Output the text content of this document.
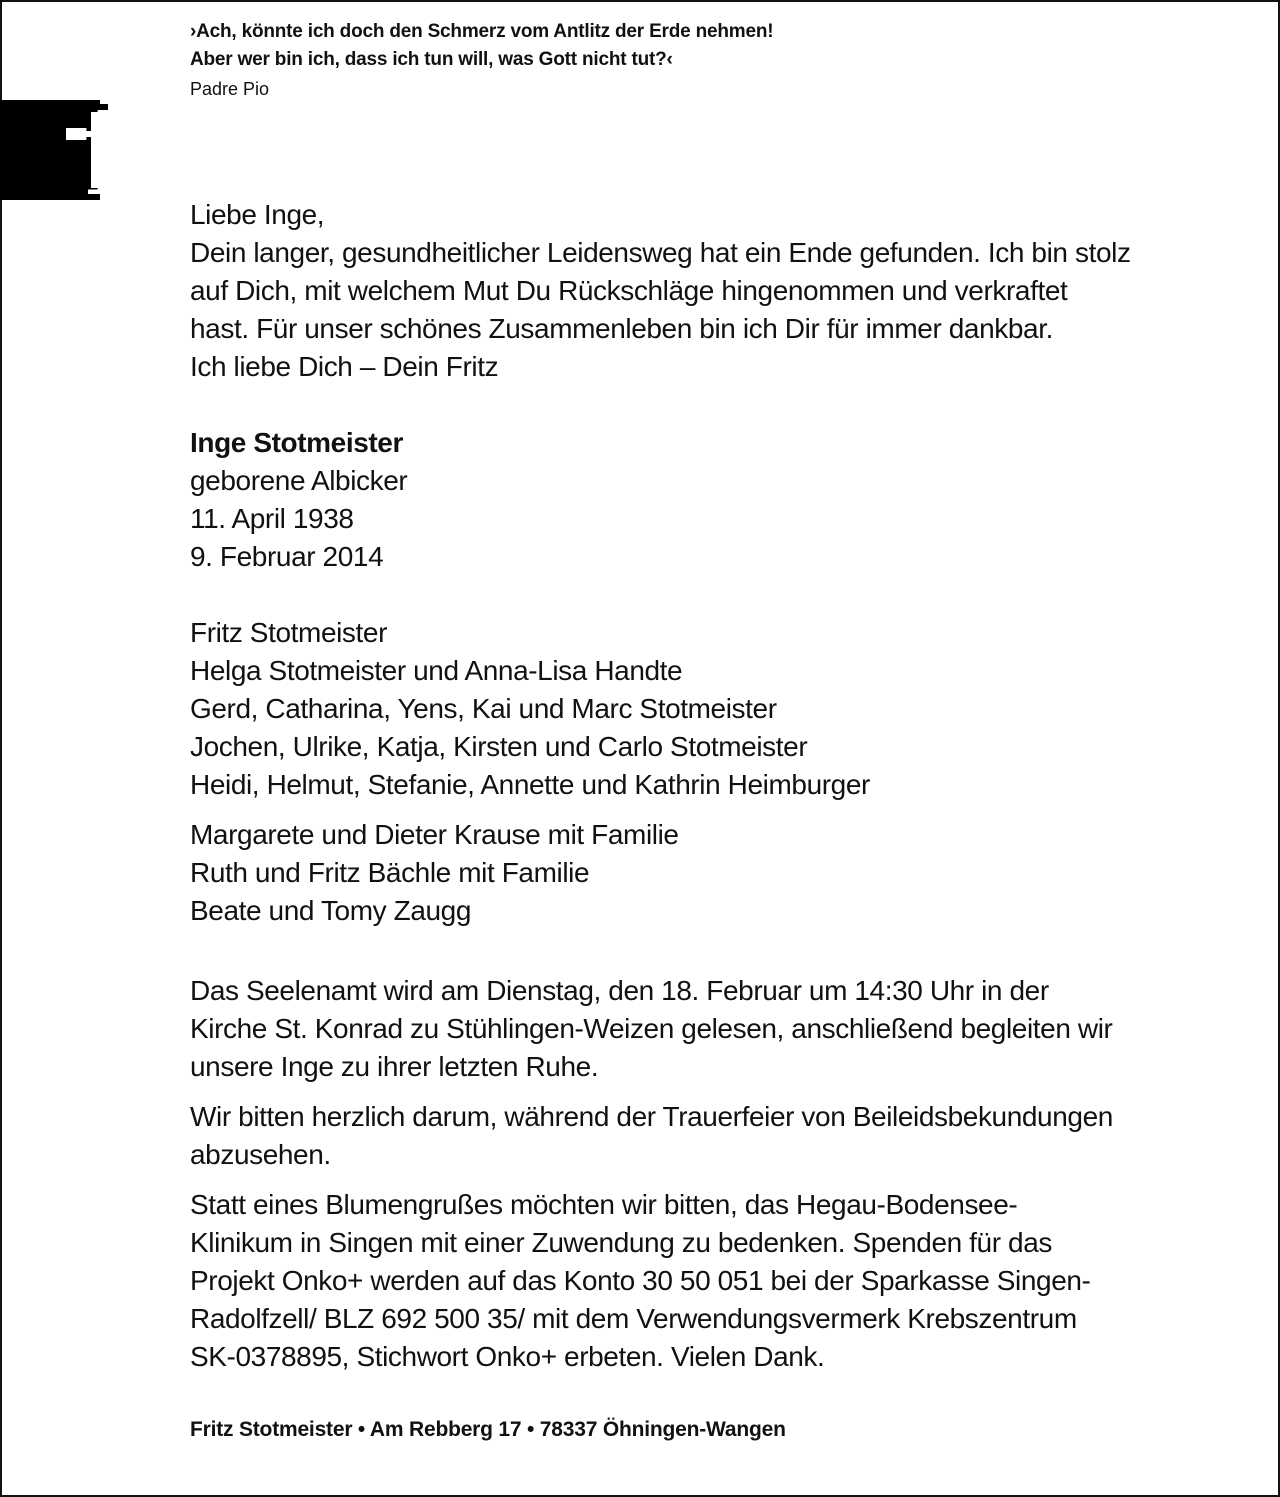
›Ach, könnte ich doch den Schmerz vom Antlitz der Erde nehmen!
Aber wer bin ich, dass ich tun will, was Gott nicht tut?‹
Padre Pio
Liebe Inge,
Dein langer, gesundheitlicher Leidensweg hat ein Ende gefunden. Ich bin stolz
auf Dich, mit welchem Mut Du Rückschläge hingenommen und verkraftet
hast. Für unser schönes Zusammenleben bin ich Dir für immer dankbar.
Ich liebe Dich – Dein Fritz
Inge Stotmeister
geborene Albicker
11. April 1938
9. Februar 2014
Fritz Stotmeister
Helga Stotmeister und Anna-Lisa Handte
Gerd, Catharina, Yens, Kai und Marc Stotmeister
Jochen, Ulrike, Katja, Kirsten und Carlo Stotmeister
Heidi, Helmut, Stefanie, Annette und Kathrin Heimburger
Margarete und Dieter Krause mit Familie
Ruth und Fritz Bächle mit Familie
Beate und Tomy Zaugg
Das Seelenamt wird am Dienstag, den 18. Februar um 14:30 Uhr in der
Kirche St. Konrad zu Stühlingen-Weizen gelesen, anschließend begleiten wir
unsere Inge zu ihrer letzten Ruhe.
Wir bitten herzlich darum, während der Trauerfeier von Beileidsbekundungen
abzusehen.
Statt eines Blumengrußes möchten wir bitten, das Hegau-Bodensee-
Klinikum in Singen mit einer Zuwendung zu bedenken. Spenden für das
Projekt Onko+ werden auf das Konto 30 50 051 bei der Sparkasse Singen-
Radolfzell/ BLZ 692 500 35/ mit dem Verwendungsvermerk Krebszentrum
SK-0378895, Stichwort Onko+ erbeten. Vielen Dank.
Fritz Stotmeister • Am Rebberg 17 • 78337 Öhningen-Wangen
